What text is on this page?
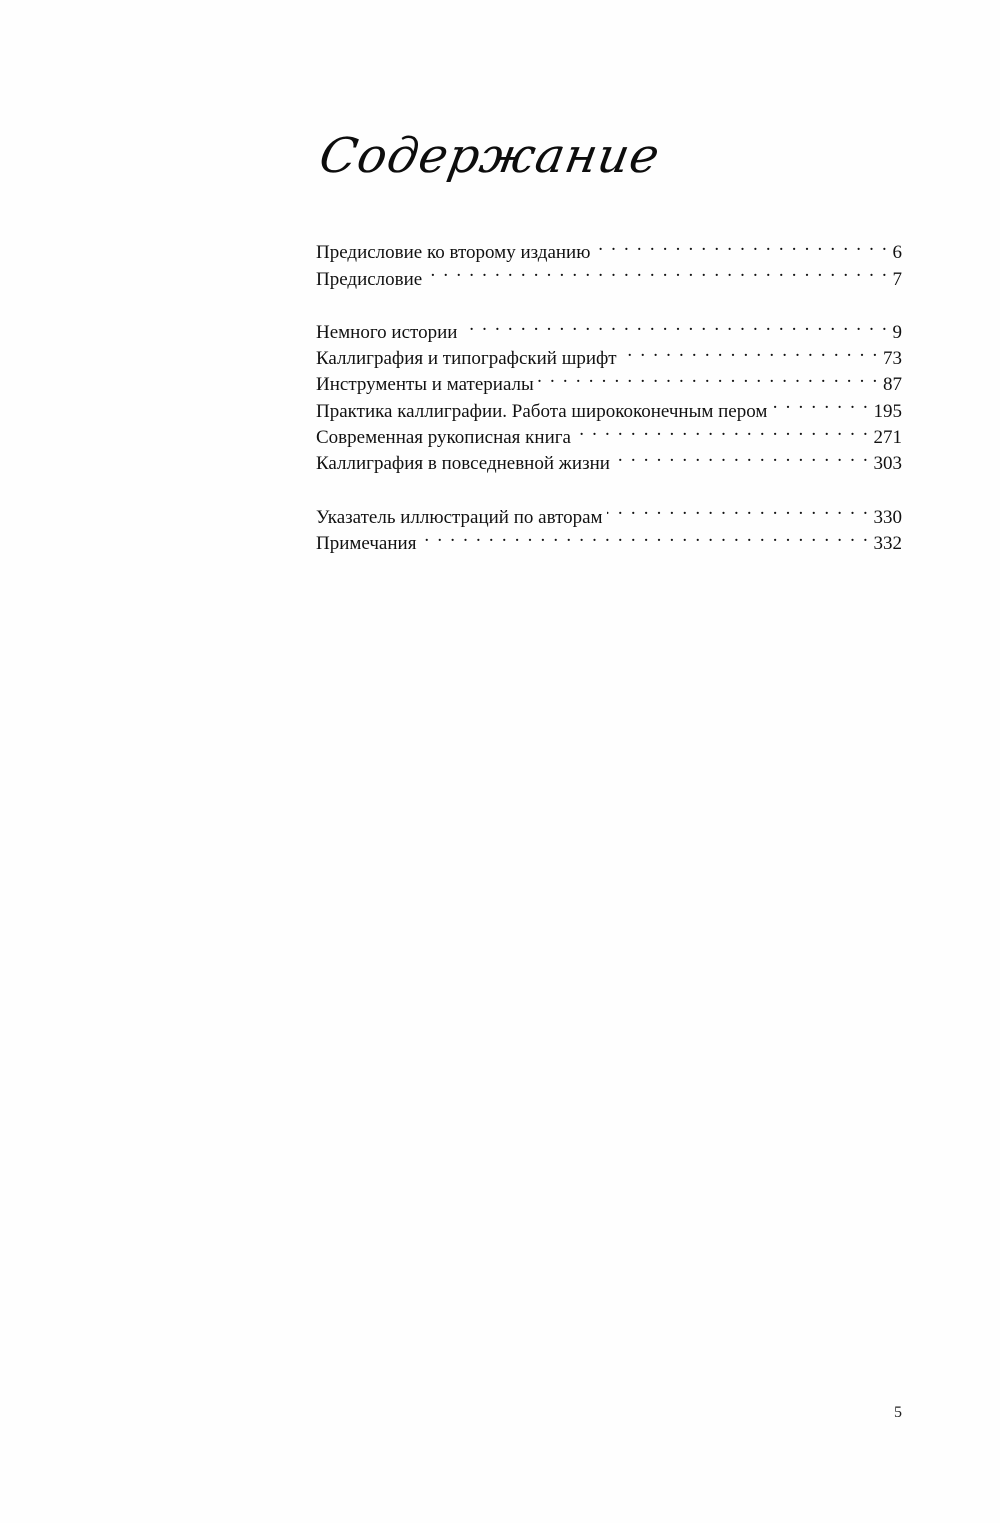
Содержание
Предисловие ко второму изданию . . .	6
Предисловие . . .	7
Немного истории . . .	9
Каллиграфия и типографский шрифт . . .	73
Инструменты и материалы . . .	87
Практика каллиграфии. Работа ширококонечным пером . . .	195
Современная рукописная книга . . .	271
Каллиграфия в повседневной жизни . . .	303
Указатель иллюстраций по авторам . . .	330
Примечания . . .	332
5
